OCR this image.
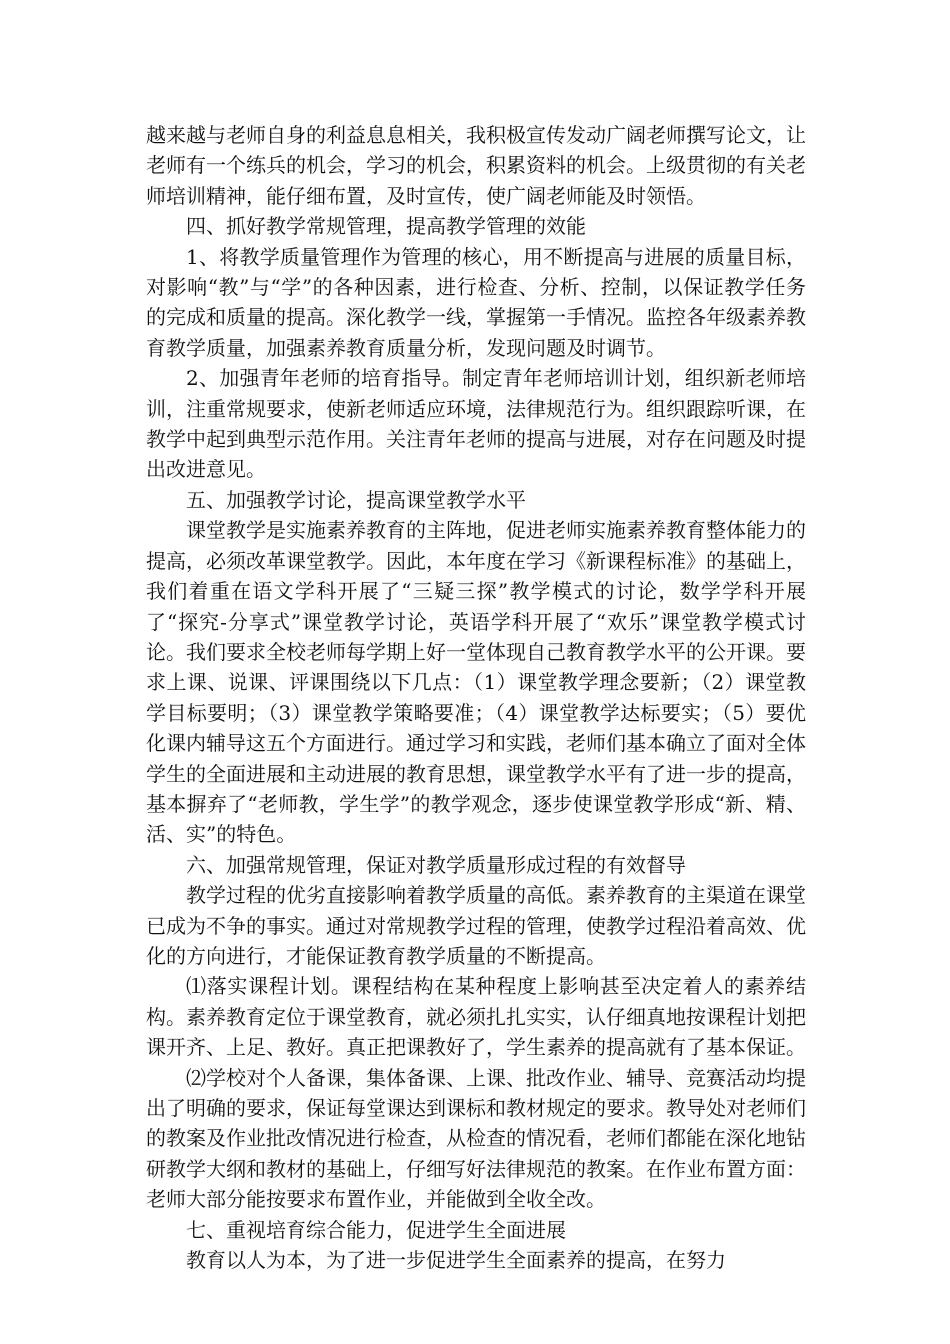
越来越与老师自身的利益息息相关，我积极宣传发动广阔老师撰写论文，让老师有一个练兵的机会，学习的机会，积累资料的机会。上级贯彻的有关老师培训精神，能仔细布置，及时宣传，使广阔老师能及时领悟。

四、抓好教学常规管理，提高教学管理的效能

1、将教学质量管理作为管理的核心，用不断提高与进展的质量目标，对影响“教”与“学”的各种因素，进行检查、分析、控制，以保证教学任务的完成和质量的提高。深化教学一线，掌握第一手情况。监控各年级素养教育教学质量，加强素养教育质量分析，发现问题及时调节。

2、加强青年老师的培育指导。制定青年老师培训计划，组织新老师培训，注重常规要求，使新老师适应环境，法律规范行为。组织跟踪听课，在教学中起到典型示范作用。关注青年老师的提高与进展，对存在问题及时提出改进意见。

五、加强教学讨论，提高课堂教学水平

课堂教学是实施素养教育的主阵地，促进老师实施素养教育整体能力的提高，必须改革课堂教学。因此，本年度在学习《新课程标准》的基础上，我们着重在语文学科开展了“三疑三探”教学模式的讨论，数学学科开展了“探究-分享式”课堂教学讨论，英语学科开展了“欢乐”课堂教学模式讨论。我们要求全校老师每学期上好一堂体现自己教育教学水平的公开课。要求上课、说课、评课围绕以下几点：（1）课堂教学理念要新；（2）课堂教学目标要明；（3）课堂教学策略要准；（4）课堂教学达标要实；（5）要优化课内辅导这五个方面进行。通过学习和实践，老师们基本确立了面对全体学生的全面进展和主动进展的教育思想，课堂教学水平有了进一步的提高，基本摒弃了“老师教，学生学”的教学观念，逐步使课堂教学形成“新、精、活、实”的特色。

六、加强常规管理，保证对教学质量形成过程的有效督导

教学过程的优劣直接影响着教学质量的高低。素养教育的主渠道在课堂已成为不争的事实。通过对常规教学过程的管理，使教学过程沿着高效、优化的方向进行，才能保证教育教学质量的不断提高。

⑴落实课程计划。课程结构在某种程度上影响甚至决定着人的素养结构。素养教育定位于课堂教育，就必须扎扎实实，认仔细真地按课程计划把课开齐、上足、教好。真正把课教好了，学生素养的提高就有了基本保证。

⑵学校对个人备课，集体备课、上课、批改作业、辅导、竞赛活动均提出了明确的要求，保证每堂课达到课标和教材规定的要求。教导处对老师们的教案及作业批改情况进行检查，从检查的情况看，老师们都能在深化地钻研教学大纲和教材的基础上，仔细写好法律规范的教案。在作业布置方面：老师大部分能按要求布置作业，并能做到全收全改。

七、重视培育综合能力，促进学生全面进展

教育以人为本，为了进一步促进学生全面素养的提高，在努力
